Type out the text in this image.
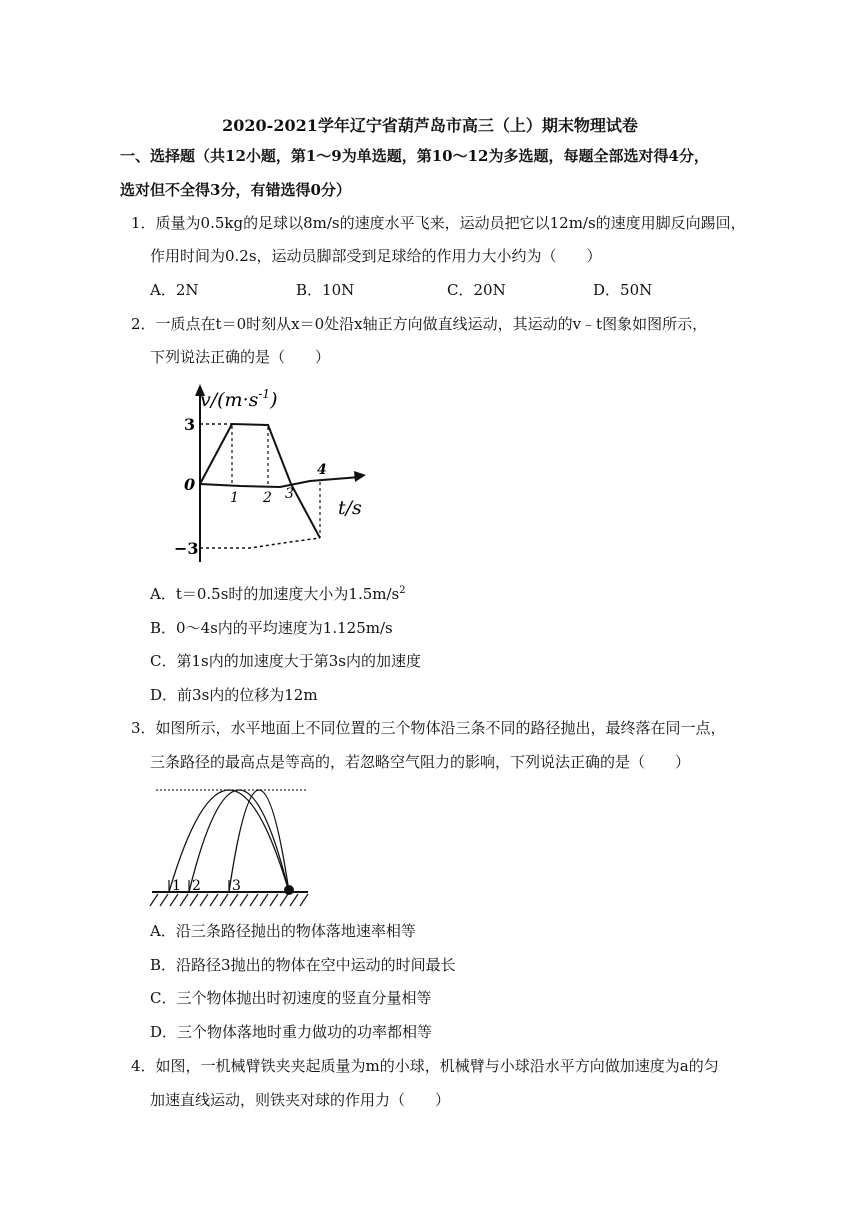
2020-2021学年辽宁省葫芦岛市高三（上）期末物理试卷
一、选择题（共12小题，第1～9为单选题，第10～12为多选题，每题全部选对得4分，
选对但不全得3分，有错选得0分）
1．质量为0.5kg的足球以8m/s的速度水平飞来，运动员把它以12m/s的速度用脚反向踢回，
作用时间为0.2s，运动员脚部受到足球给的作用力大小约为（　　）
A．2N	B．10N	C．20N	D．50N
2．一质点在t＝0时刻从x＝0处沿x轴正方向做直线运动，其运动的v﹣t图象如图所示，
下列说法正确的是（　　）
$v/(m\cdot s^{-1})$
t/s
3
−3
0
1 2 3
4
A．t＝0.5s时的加速度大小为$1.5m/s^2$
B．0～4s内的平均速度为1.125m/s
C．第1s内的加速度大于第3s内的加速度
D．前3s内的位移为12m
3．如图所示，水平地面上不同位置的三个物体沿三条不同的路径抛出，最终落在同一点，
三条路径的最高点是等高的，若忽略空气阻力的影响，下列说法正确的是（　　）
1 2 3
A．沿三条路径抛出的物体落地速率相等
B．沿路径3抛出的物体在空中运动的时间最长
C．三个物体抛出时初速度的竖直分量相等
D．三个物体落地时重力做功的功率都相等
4．如图，一机械臂铁夹夹起质量为m的小球，机械臂与小球沿水平方向做加速度为a的匀
加速直线运动，则铁夹对球的作用力（　　）
